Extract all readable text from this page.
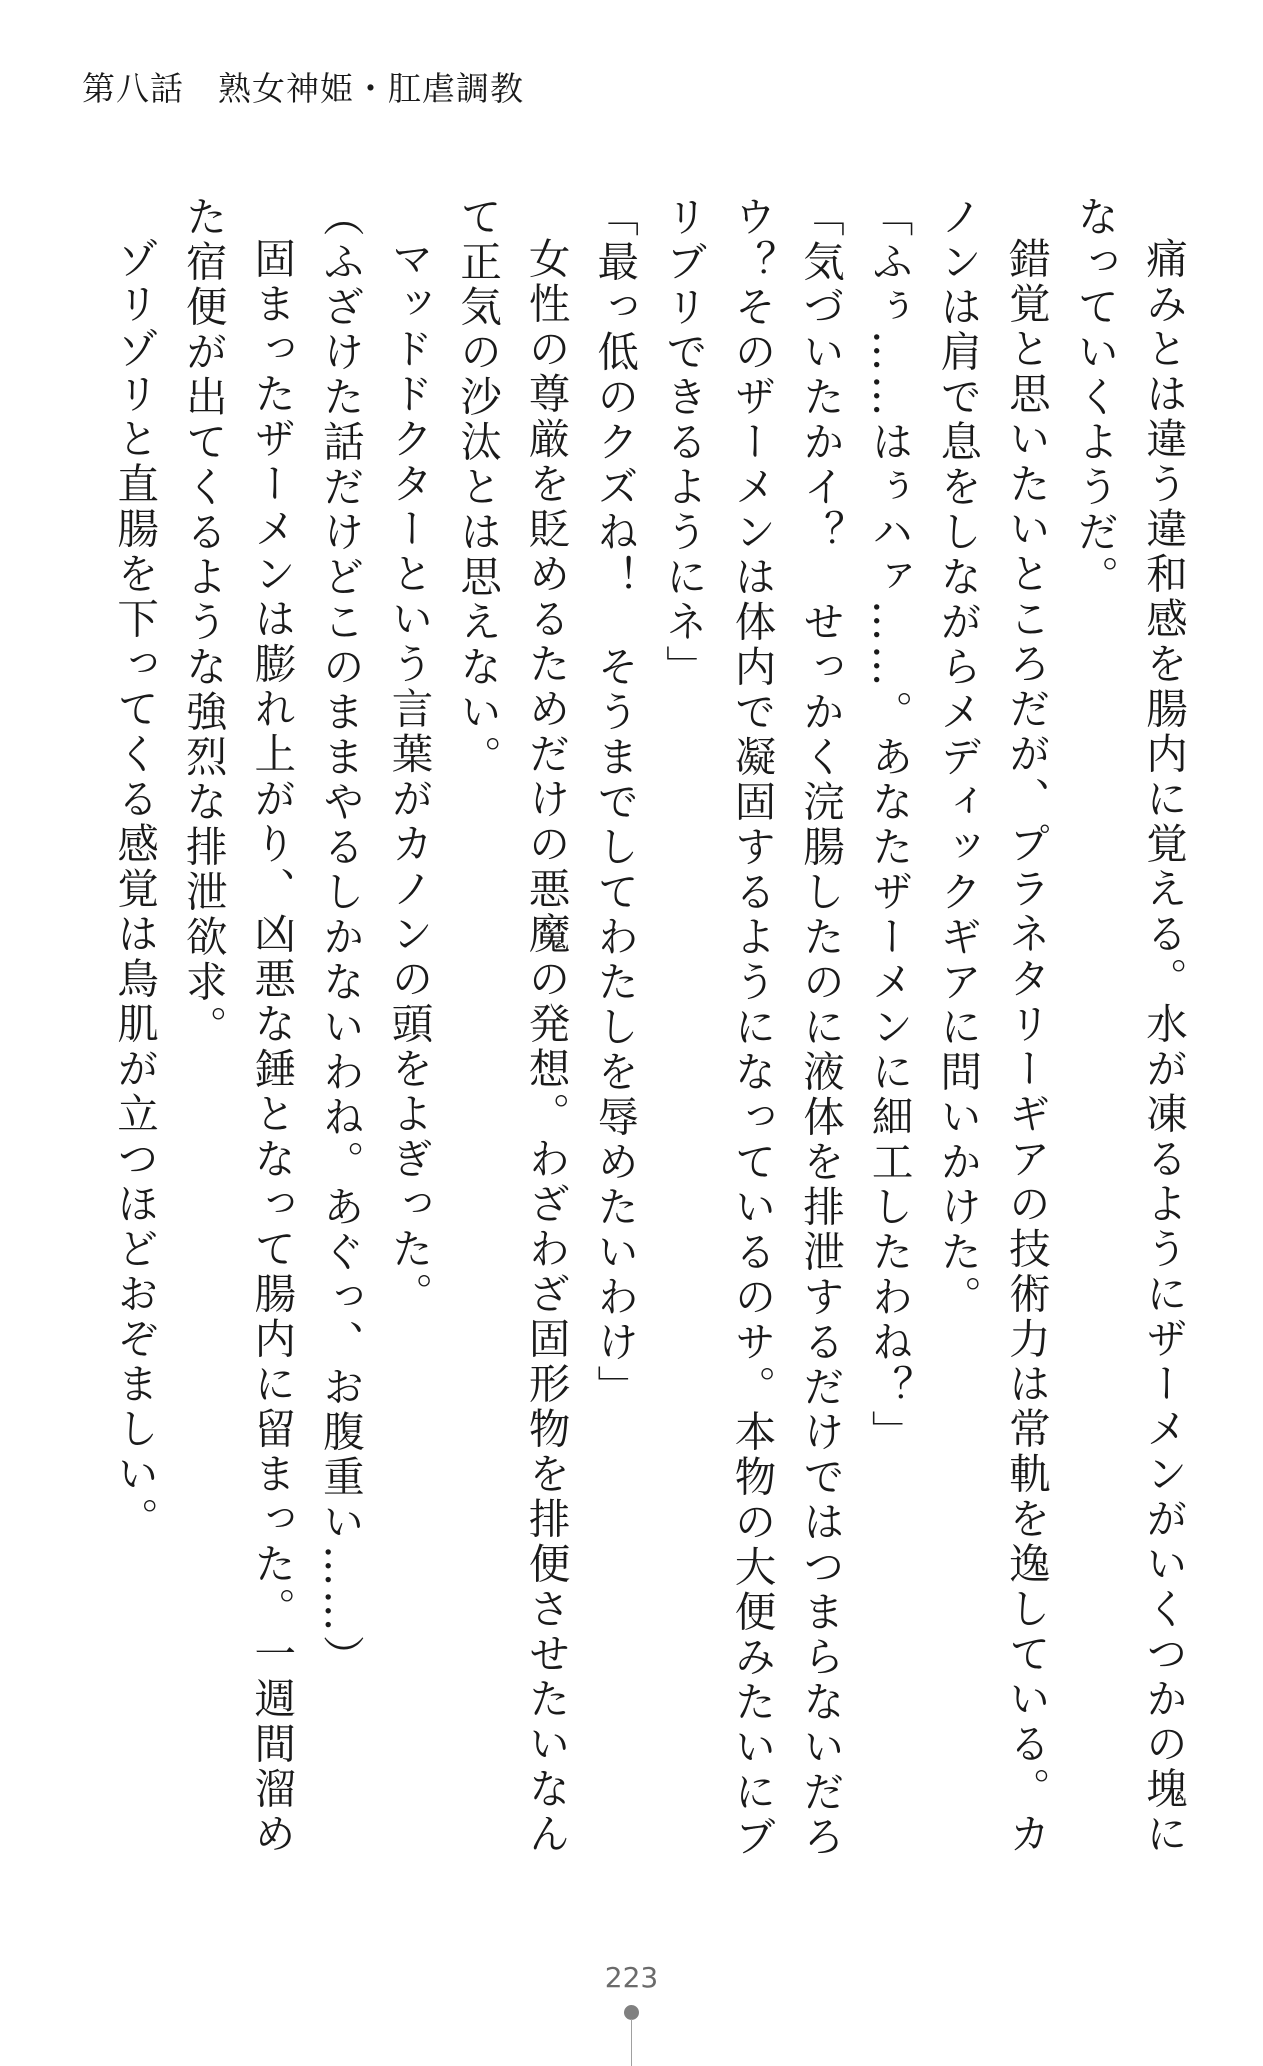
第八話　熟女神姫・肛虐調教

痛みとは違う違和感を腸内に覚える。水が凍るようにザーメンがいくつかの塊になっていくようだ。

錯覚と思いたいところだが、プラネタリーギアの技術力は常軌を逸している。カノンは肩で息をしながらメディックギアに問いかけた。

「ふぅ……はぅハァ……。あなたザーメンに細工したわね？」

「気づいたかイ？　せっかく浣腸したのに液体を排泄するだけではつまらないだろウ？そのザーメンは体内で凝固するようになっているのサ。本物の大便みたいにブリブリできるようにネ」

「最っ低のクズね！　そうまでしてわたしを辱めたいわけ」

女性の尊厳を貶めるためだけの悪魔の発想。わざわざ固形物を排便させたいなんて正気の沙汰とは思えない。

マッドドクターという言葉がカノンの頭をよぎった。

（ふざけた話だけどこのままやるしかないわね。あぐっ、お腹重い……）

固まったザーメンは膨れ上がり、凶悪な錘となって腸内に留まった。一週間溜めた宿便が出てくるような強烈な排泄欲求。

ゾリゾリと直腸を下ってくる感覚は鳥肌が立つほどおぞましい。

223
